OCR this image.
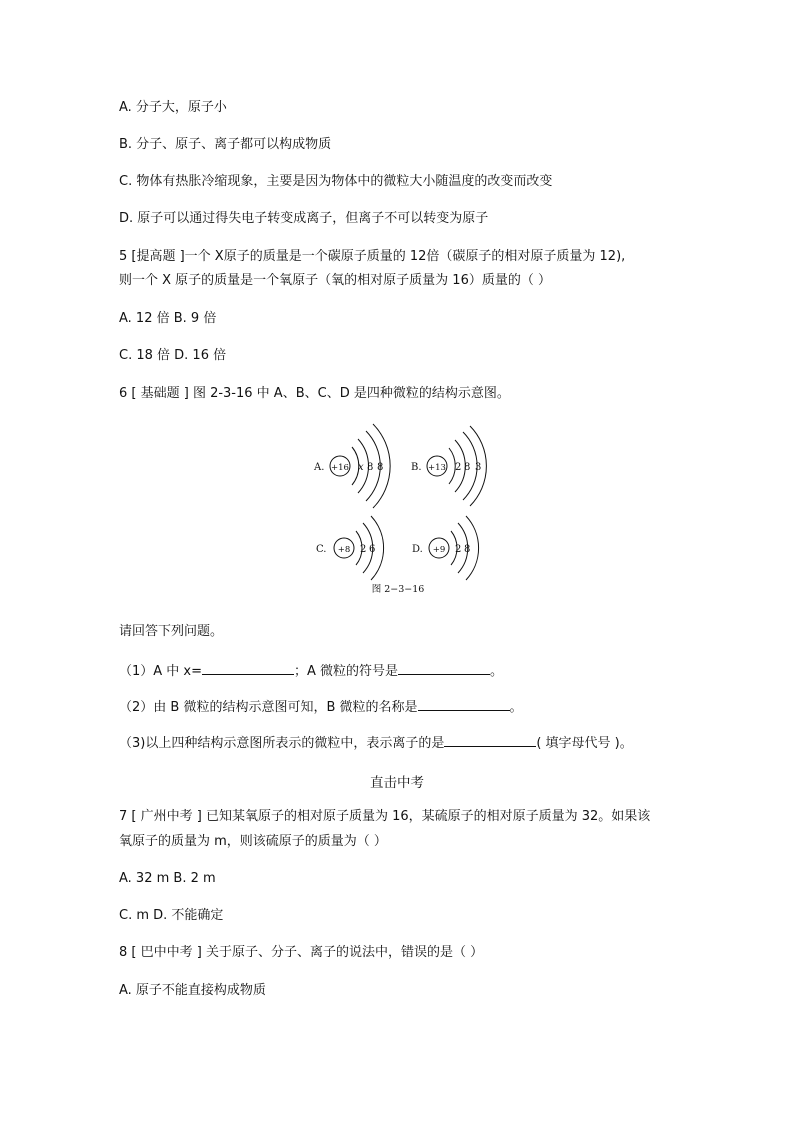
A. 分子大，原子小
B. 分子、原子、离子都可以构成物质
C. 物体有热胀冷缩现象，主要是因为物体中的微粒大小随温度的改变而改变
D. 原子可以通过得失电子转变成离子，但离子不可以转变为原子
5 [提高题 ]一个 X原子的质量是一个碳原子质量的 12倍（碳原子的相对原子质量为 12),
则一个 X 原子的质量是一个氧原子（氧的相对原子质量为 16）质量的（ ）
A. 12 倍 B. 9 倍
C. 18 倍 D. 16 倍
6 [ 基础题 ] 图 2-3-16 中 A、B、C、D 是四种微粒的结构示意图。
A. +16 x 8 8	B. +13 2 8 3
C. +8 2 6	D. +9 2 8
图 2−3−16
请回答下列问题。
（1）A 中 x=	；A 微粒的符号是	。
（2）由 B 微粒的结构示意图可知，B 微粒的名称是	。
（3)以上四种结构示意图所表示的微粒中，表示离子的是	( 填字母代号 )。
直击中考
7 [ 广州中考 ] 已知某氧原子的相对原子质量为 16，某硫原子的相对原子质量为 32。如果该
氧原子的质量为 m，则该硫原子的质量为（ ）
A. 32 m B. 2 m
C. m D. 不能确定
8 [ 巴中中考 ] 关于原子、分子、离子的说法中，错误的是（ ）
A. 原子不能直接构成物质
